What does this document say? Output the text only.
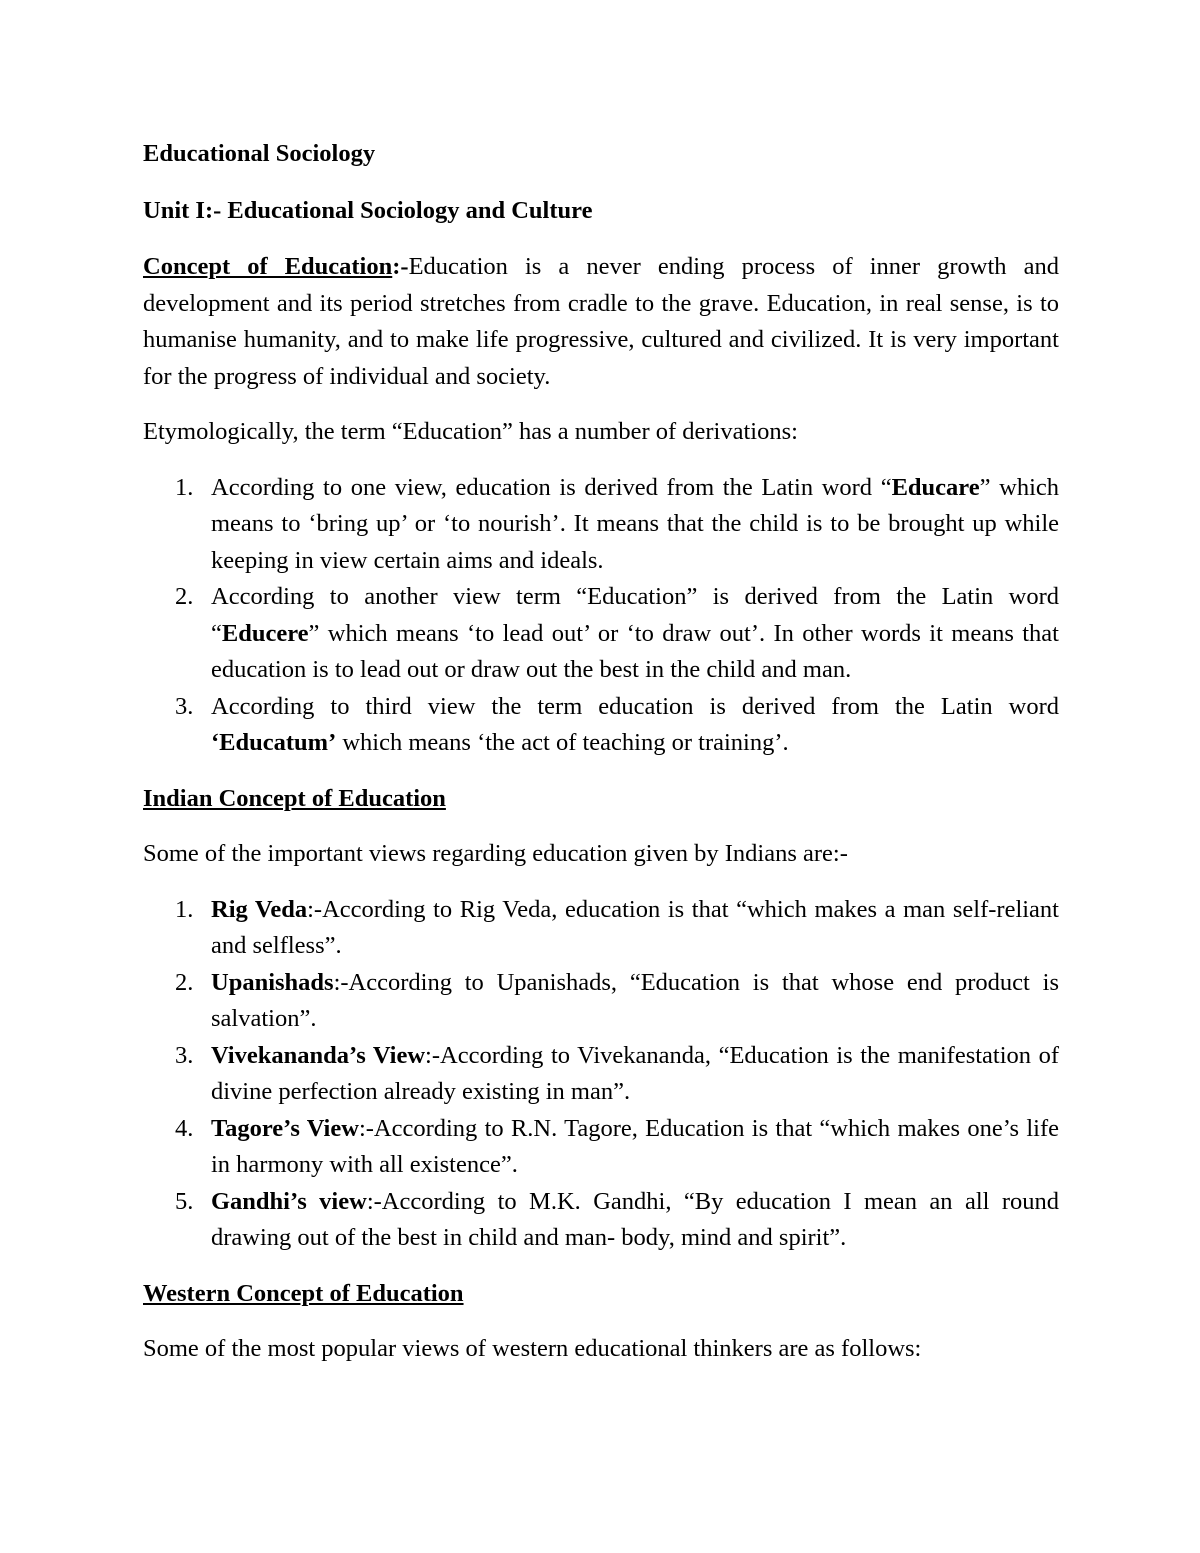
Educational Sociology
Unit I:- Educational Sociology and Culture
Concept of Education:-Education is a never ending process of inner growth and development and its period stretches from cradle to the grave. Education, in real sense, is to humanise humanity, and to make life progressive, cultured and civilized. It is very important for the progress of individual and society.
Etymologically, the term “Education” has a number of derivations:
1. According to one view, education is derived from the Latin word “Educare” which means to ‘bring up’ or ‘to nourish’. It means that the child is to be brought up while keeping in view certain aims and ideals.
2. According to another view term “Education” is derived from the Latin word “Educere” which means ‘to lead out’ or ‘to draw out’. In other words it means that education is to lead out or draw out the best in the child and man.
3. According to third view the term education is derived from the Latin word ‘Educatum’ which means ‘the act of teaching or training’.
Indian Concept of Education
Some of the important views regarding education given by Indians are:-
1. Rig Veda:-According to Rig Veda, education is that “which makes a man self-reliant and selfless”.
2. Upanishads:-According to Upanishads, “Education is that whose end product is salvation”.
3. Vivekananda’s View:-According to Vivekananda, “Education is the manifestation of divine perfection already existing in man”.
4. Tagore’s View:-According to R.N. Tagore, Education is that “which makes one’s life in harmony with all existence”.
5. Gandhi’s view:-According to M.K. Gandhi, “By education I mean an all round drawing out of the best in child and man- body, mind and spirit”.
Western Concept of Education
Some of the most popular views of western educational thinkers are as follows:
